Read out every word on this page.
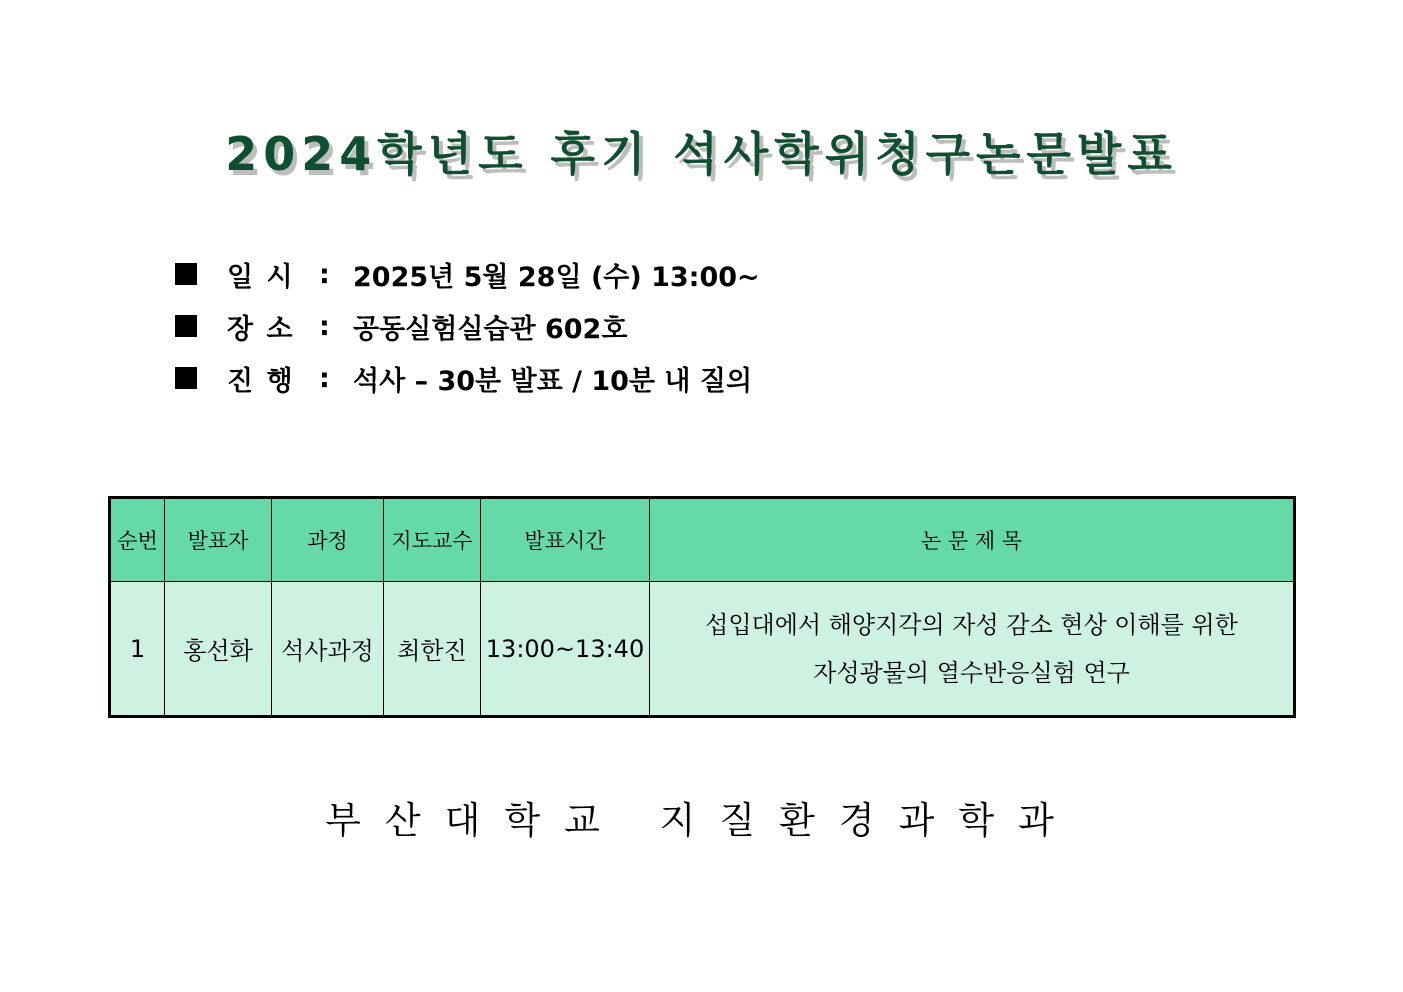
2024학년도 후기 석사학위청구논문발표
일 시 : 2025년 5월 28일 (수) 13:00~
장 소 : 공동실험실습관 602호
진 행 : 석사 – 30분 발표 / 10분 내 질의
순번	발표자	과정	지도교수	발표시간	논 문 제 목
1	홍선화	석사과정	최한진	13:00~13:40	섭입대에서 해양지각의 자성 감소 현상 이해를 위한
자성광물의 열수반응실험 연구
부산대학교 지질환경과학과
